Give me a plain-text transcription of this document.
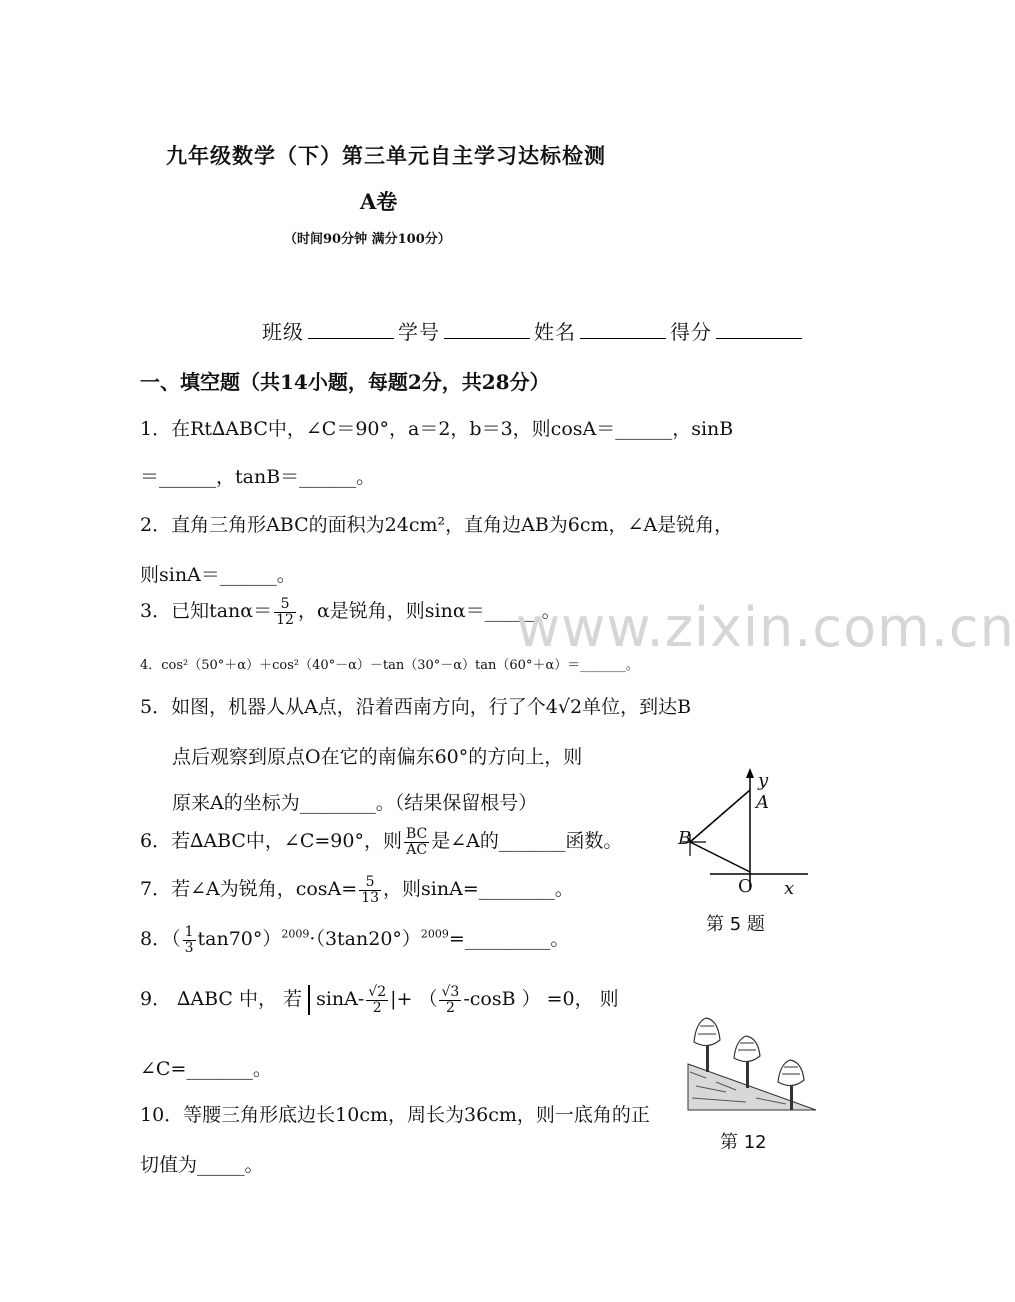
九年级数学（下）第三单元自主学习达标检测
A卷
（时间90分钟 满分100分）
班级	学号	姓名	得分
一、填空题（共14小题，每题2分，共28分）
1．在Rt∆ABC中，∠C＝90°，a＝2，b＝3，则cosA＝______，sinB
＝______，tanB＝______。
2．直角三角形ABC的面积为24cm²，直角边AB为6cm，∠A是锐角，
则sinA＝______。
3．已知$\tan\alpha= \frac{5}{12}$ ，α是锐角，则sinα＝______。
www.zixin.com.cn
4．cos²（50°＋α）＋cos²（40°－α）－tan（30°－α）tan（60°＋α）＝_______。
5．如图，机器人从A点，沿着西南方向，行了个4√2单位，到达B
点后观察到原点O在它的南偏东60°的方向上，则
原来A的坐标为________。（结果保留根号）
6．若∆ABC中，∠C=90°，则 $\frac{BC}{AC}$ 是∠A的_______函数。
7．若∠A为锐角，$\cos A= \frac{5}{13}$ ，则sinA=________。
8．（ $\frac{1}{3}$ $\tan 70^\circ)^{2009}\cdot(3\tan 20^\circ)^{2009}=\_\_\_\_\_\_\_\_\_$。
9． ∆ABC 中， 若 $\sin A- \frac{√2}{2}$ |+ （ $\frac{√3}{2} -\cos B$ ） =0， 则
∠C=_______。
10．等腰三角形底边长10cm，周长为36cm，则一底角的正
切值为_____。
y
A
B
O x
第 5 题
第 12
